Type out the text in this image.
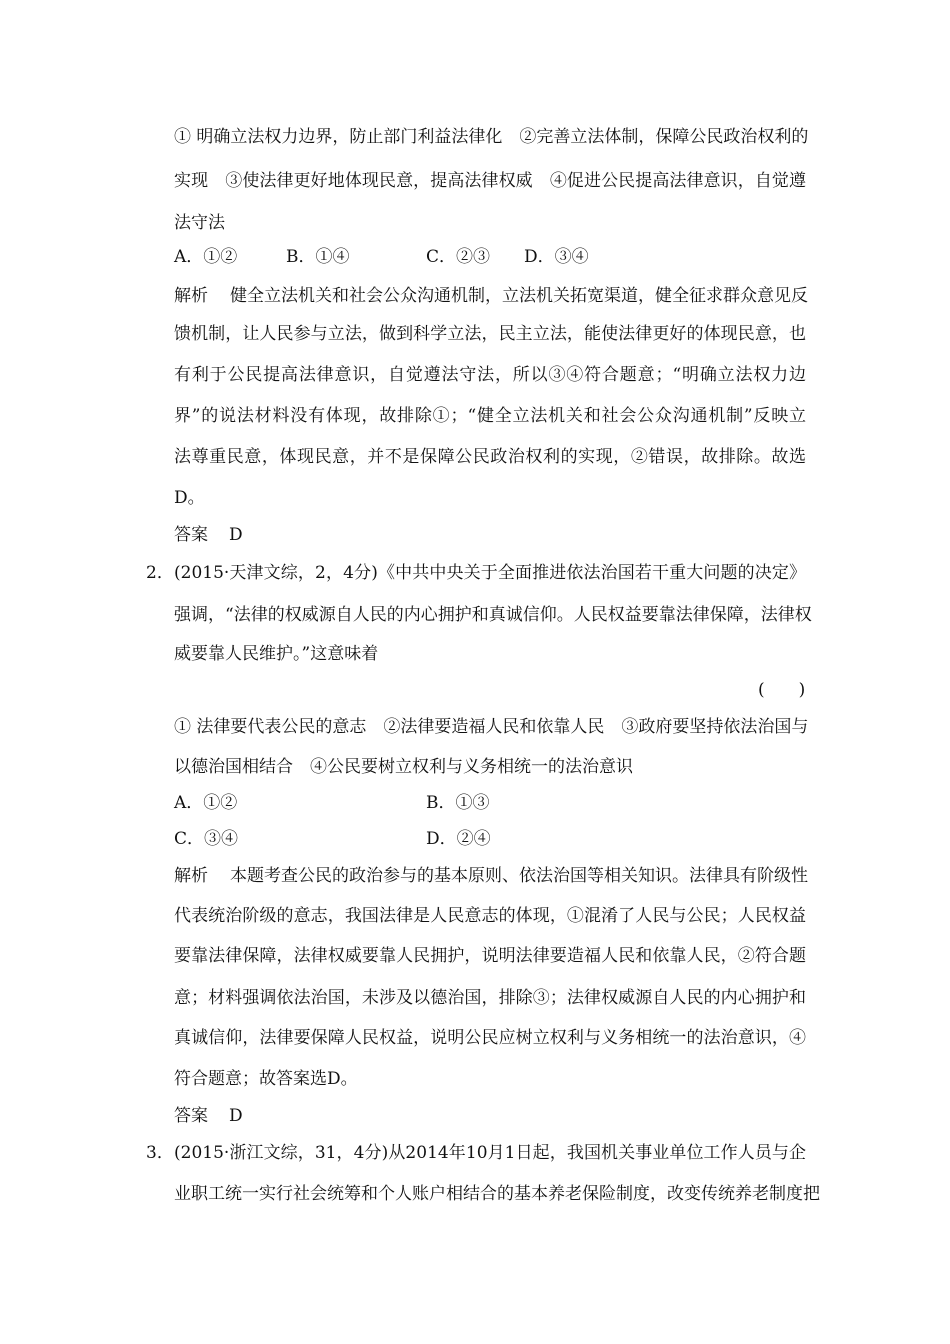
① 明确立法权力边界，防止部门利益法律化　②完善立法体制，保障公民政治权利的
实现　③使法律更好地体现民意，提高法律权威　④促进公民提高法律意识，自觉遵
法守法
A．①②	B．①④	C．②③ D．③④
解析 健全立法机关和社会公众沟通机制，立法机关拓宽渠道，健全征求群众意见反
馈机制，让人民参与立法，做到科学立法，民主立法，能使法律更好的体现民意，也
有利于公民提高法律意识，自觉遵法守法，所以③④符合题意；“明确立法权力边
界”的说法材料没有体现，故排除①；“健全立法机关和社会公众沟通机制”反映立
法尊重民意，体现民意，并不是保障公民政治权利的实现，②错误，故排除。故选
D。
答案 D
2． (2015·天津文综，2，4分)《中共中央关于全面推进依法治国若干重大问题的决定》
强调，“法律的权威源自人民的内心拥护和真诚信仰。人民权益要靠法律保障，法律权
威要靠人民维护。”这意味着
(　　)
① 法律要代表公民的意志　②法律要造福人民和依靠人民　③政府要坚持依法治国与
以德治国相结合　④公民要树立权利与义务相统一的法治意识
A．①②	B．①③
C．③④	D．②④
解析 本题考查公民的政治参与的基本原则、依法治国等相关知识。法律具有阶级性
代表统治阶级的意志，我国法律是人民意志的体现，①混淆了人民与公民；人民权益
要靠法律保障，法律权威要靠人民拥护，说明法律要造福人民和依靠人民，②符合题
意；材料强调依法治国，未涉及以德治国，排除③；法律权威源自人民的内心拥护和
真诚信仰，法律要保障人民权益，说明公民应树立权利与义务相统一的法治意识，④
符合题意；故答案选D。
答案 D
3． (2015·浙江文综，31，4分)从2014年10月1日起，我国机关事业单位工作人员与企
业职工统一实行社会统筹和个人账户相结合的基本养老保险制度，改变传统养老制度把
